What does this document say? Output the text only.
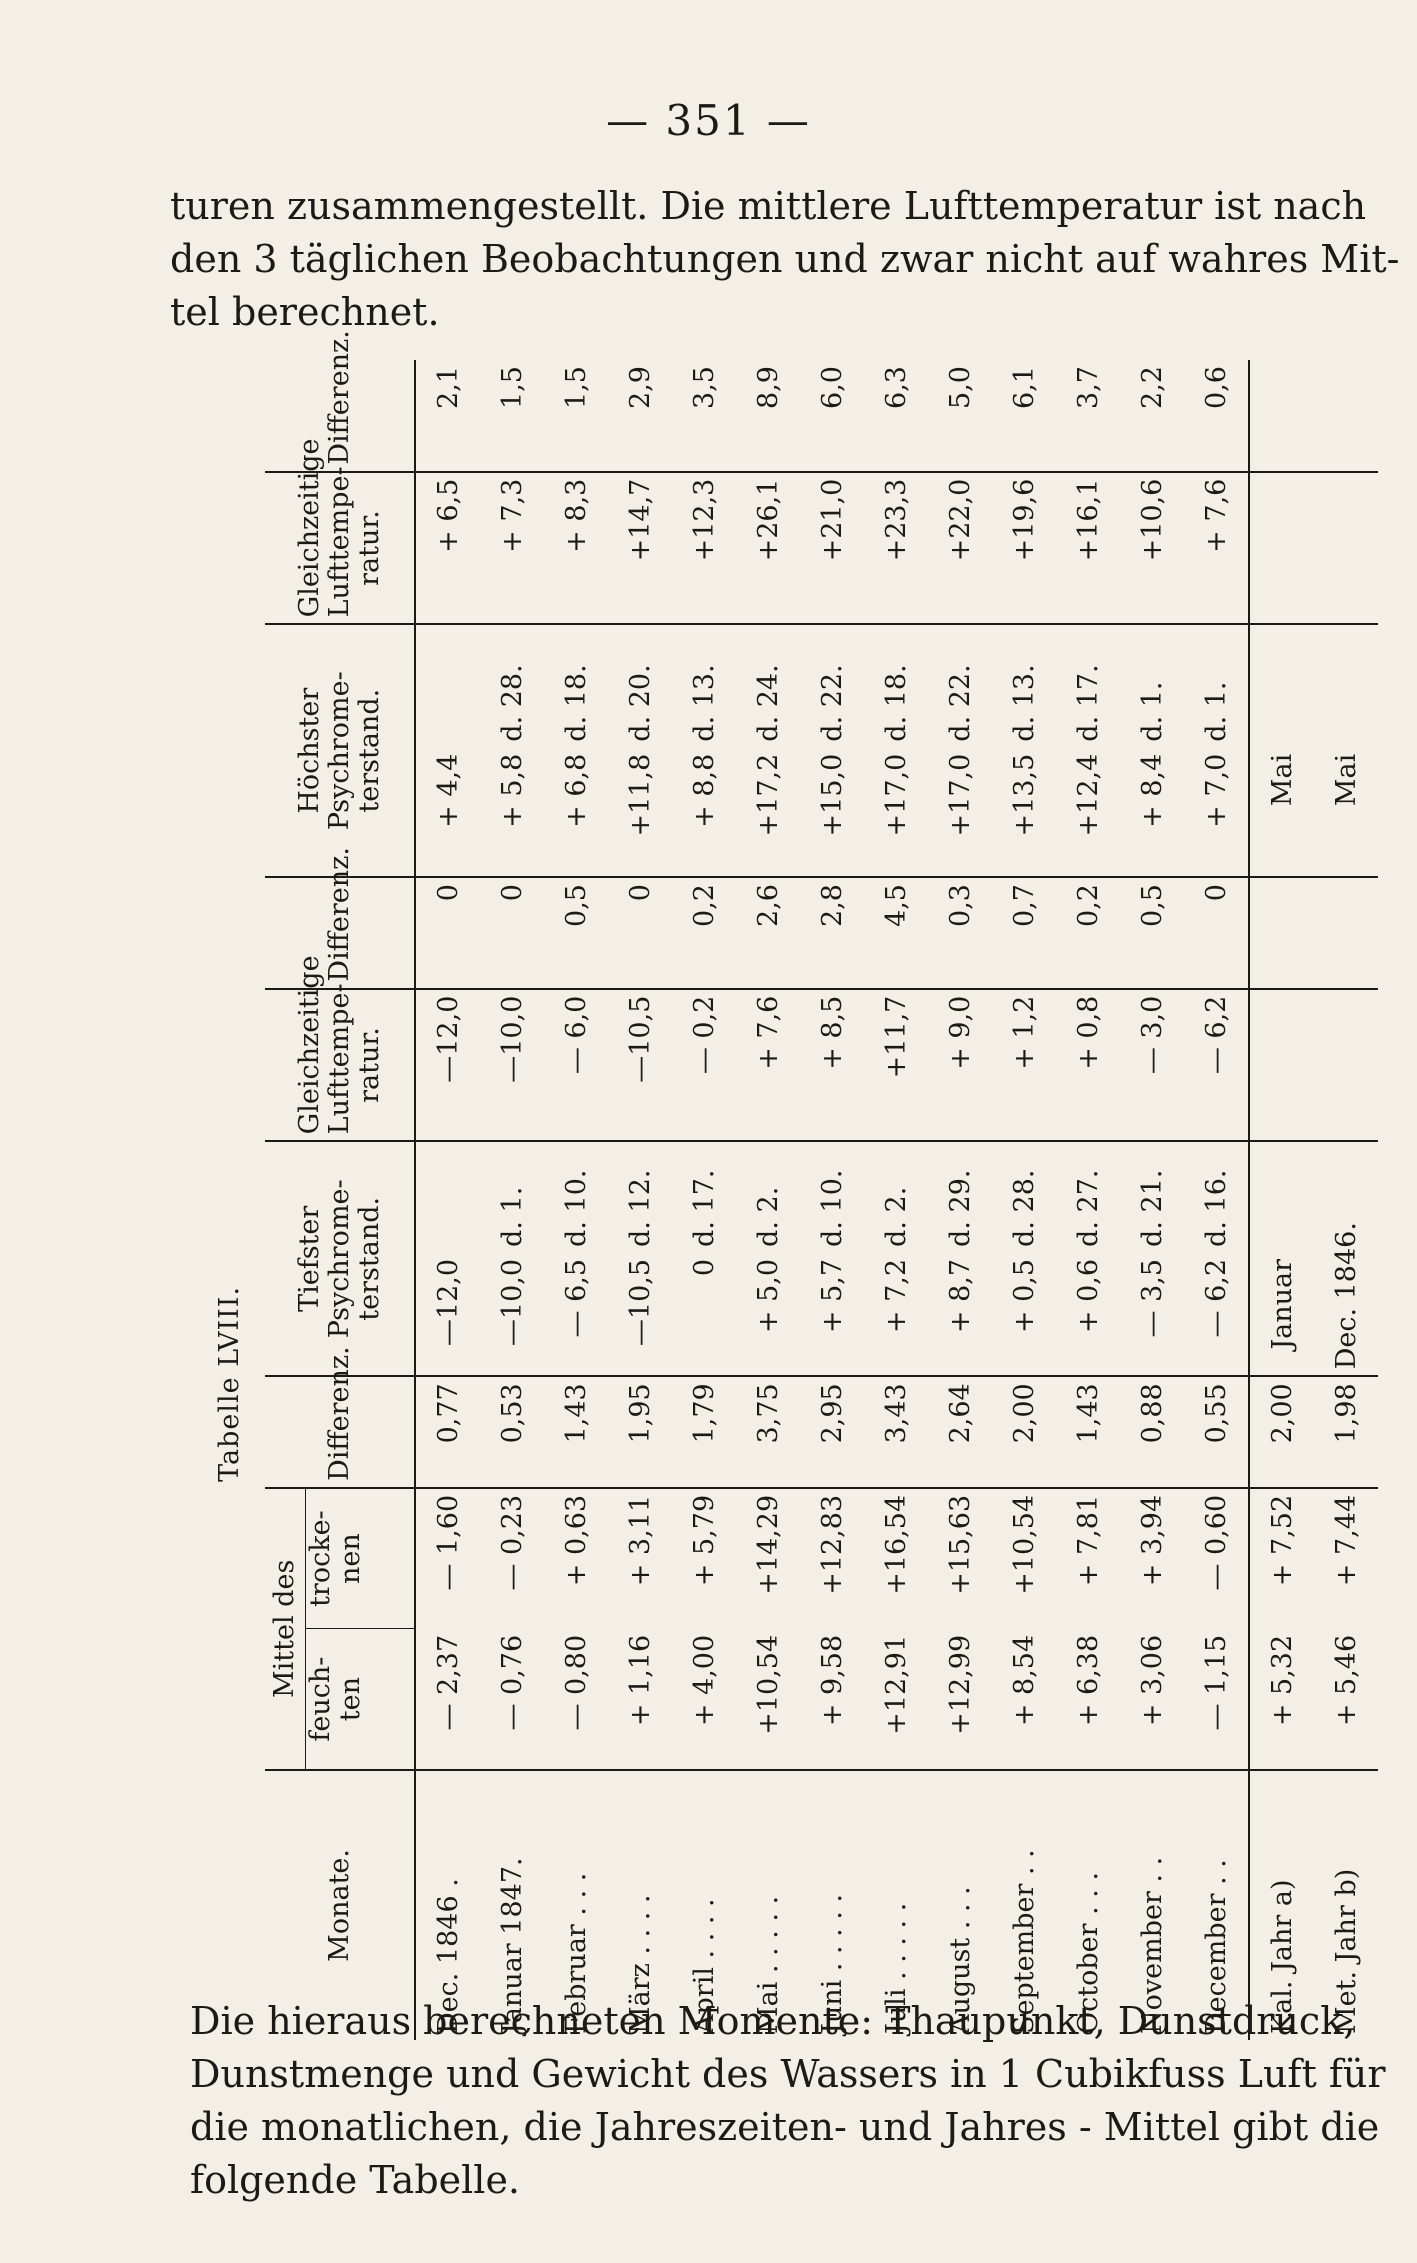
— 351 —
turen zusammengestellt. Die mittlere Lufttemperatur ist nach
den 3 täglichen Beobachtungen und zwar nicht auf wahres Mit-
tel berechnet.
			Tabelle LVIII.								
Monate.	Mittel des		Differenz.	Tiefster Psychrome- terstand.		Gleichzeitige Lufttempe- ratur.	Differenz.	Höchster Psychrome- terstand.		Gleichzeitige Lufttempe- ratur.	Differenz.
	feuch- ten	trocke- nen									
Dec. 1846 .	— 2,37	— 1,60	0,77	—12,0		—12,0	0	+ 4,4		+ 6,5	2,1
Januar 1847.	— 0,76	— 0,23	0,53	—10,0	d. 1.	—10,0	0	+ 5,8	d. 28.	+ 7,3	1,5
Februar . . .	— 0,80	+ 0,63	1,43	— 6,5	d. 10.	— 6,0	0,5	+ 6,8	d. 18.	+ 8,3	1,5
März . . . .	+ 1,16	+ 3,11	1,95	—10,5	d. 12.	—10,5	0	+11,8	d. 20.	+14,7	2,9
April . . . .	+ 4,00	+ 5,79	1,79	0	d. 17.	— 0,2	0,2	+ 8,8	d. 13.	+12,3	3,5
Mai . . . . .	+10,54	+14,29	3,75	+ 5,0	d. 2.	+ 7,6	2,6	+17,2	d. 24.	+26,1	8,9
Juni . . . . .	+ 9,58	+12,83	2,95	+ 5,7	d. 10.	+ 8,5	2,8	+15,0	d. 22.	+21,0	6,0
Juli . . . . .	+12,91	+16,54	3,43	+ 7,2	d. 2.	+11,7	4,5	+17,0	d. 18.	+23,3	6,3
August . . .	+12,99	+15,63	2,64	+ 8,7	d. 29.	+ 9,0	0,3	+17,0	d. 22.	+22,0	5,0
September . .	+ 8,54	+10,54	2,00	+ 0,5	d. 28.	+ 1,2	0,7	+13,5	d. 13.	+19,6	6,1
October . . .	+ 6,38	+ 7,81	1,43	+ 0,6	d. 27.	+ 0,8	0,2	+12,4	d. 17.	+16,1	3,7
November . .	+ 3,06	+ 3,94	0,88	— 3,5	d. 21.	— 3,0	0,5	+ 8,4	d. 1.	+10,6	2,2
December . .	— 1,15	— 0,60	0,55	— 6,2	d. 16.	— 6,2	0	+ 7,0	d. 1.	+ 7,6	0,6
Kal. Jahr a)	+ 5,32	+ 7,52	2,00	Januar				Mai			
Met. Jahr b)	+ 5,46	+ 7,44	1,98	Dec. 1846.				Mai			
Die hieraus berechneten Momente: Thaupunkt, Dunstdruck,
Dunstmenge und Gewicht des Wassers in 1 Cubikfuss Luft für
die monatlichen, die Jahreszeiten- und Jahres - Mittel gibt die
folgende Tabelle.
